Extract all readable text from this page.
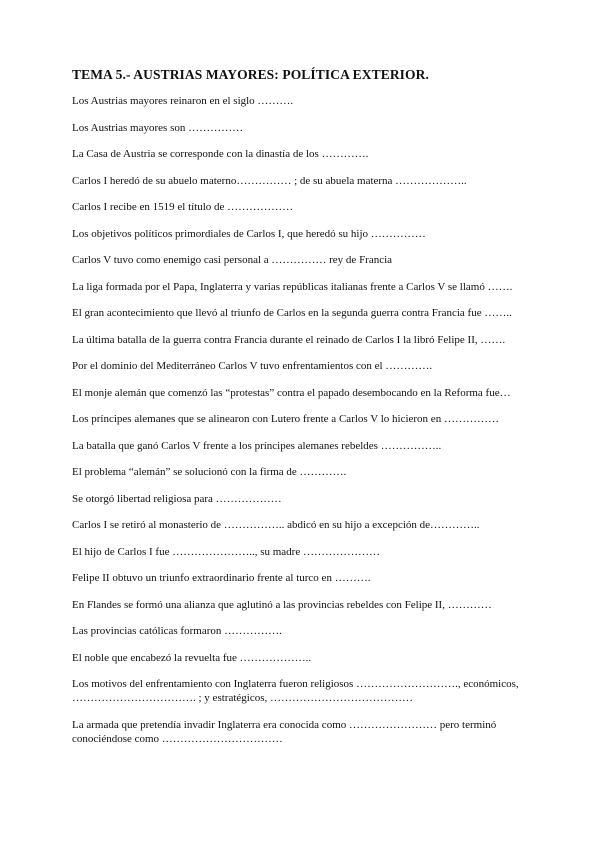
TEMA 5.- AUSTRIAS MAYORES: POLÍTICA EXTERIOR.

Los Austrias mayores reinaron en el siglo ……….

Los Austrias mayores son ……………

La Casa de Austria se corresponde con la dinastía de los ………….

Carlos I heredó de su abuelo materno…………… ; de su abuela materna ………………..

Carlos I recibe en 1519 el título de ………………

Los objetivos políticos primordiales de Carlos I, que heredó su hijo ……………

Carlos V tuvo como enemigo casi personal a …………… rey de Francia

La liga formada por el Papa, Inglaterra y varias repúblicas italianas frente a Carlos V se llamó …….

El gran acontecimiento que llevó al triunfo de Carlos en la segunda guerra contra Francia fue ……..

La última batalla de la guerra contra Francia durante el reinado de Carlos I la libró Felipe II, …….

Por el dominio del Mediterráneo Carlos V tuvo enfrentamientos con el ………….

El monje alemán que comenzó las “protestas” contra el papado desembocando en la Reforma fue…

Los príncipes alemanes que se alinearon con Lutero frente a Carlos V lo hicieron en ……………

La batalla que ganó Carlos V frente a los príncipes alemanes rebeldes ……………..

El problema “alemán” se solucionó con la firma de ………….

Se otorgó libertad religiosa para ………………

Carlos I se retiró al monasterio de …………….. abdicó en su hijo a excepción de…………..

El hijo de Carlos I fue ………………….., su madre …………………

Felipe II obtuvo un triunfo extraordinario frente al turco en ……….

En Flandes se formó una alianza que aglutinó a las provincias rebeldes con Felipe II, …………

Las provincias católicas formaron …………….

El noble que encabezó la revuelta fue ………………..

Los motivos del enfrentamiento con Inglaterra fueron religiosos ………………………., económicos, ……………………………. ; y estratégicos, …………………………………

La armada que pretendía invadir Inglaterra era conocida como …………………… pero terminó conociéndose como ……………………………
